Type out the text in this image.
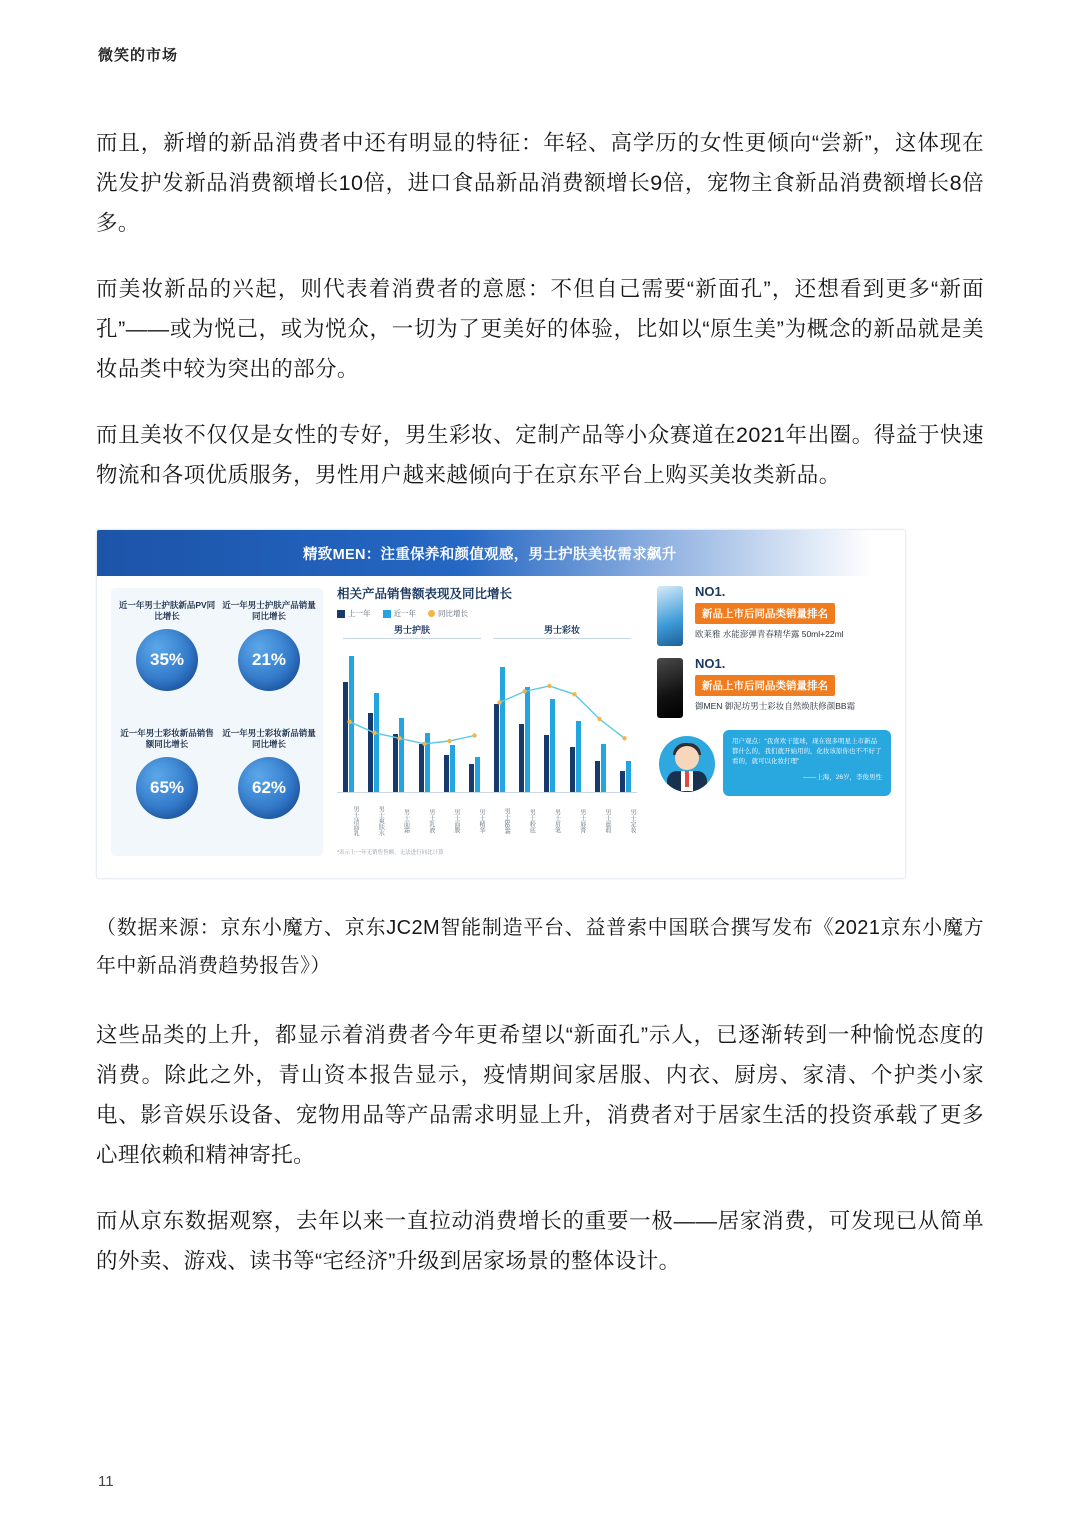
微笑的市场
而且，新增的新品消费者中还有明显的特征：年轻、高学历的女性更倾向“尝新”，这体现在洗发护发新品消费额增长10倍，进口食品新品消费额增长9倍，宠物主食新品消费额增长8倍多。
而美妆新品的兴起，则代表着消费者的意愿：不但自己需要“新面孔”，还想看到更多“新面孔”——或为悦己，或为悦众，一切为了更美好的体验，比如以“原生美”为概念的新品就是美妆品类中较为突出的部分。
而且美妆不仅仅是女性的专好，男生彩妆、定制产品等小众赛道在2021年出圈。得益于快速物流和各项优质服务，男性用户越来越倾向于在京东平台上购买美妆类新品。
精致MEN：注重保养和颜值观感，男士护肤美妆需求飙升
近一年男士护肤新品PV同比增长
35%
近一年男士护肤产品销量同比增长
21%
近一年男士彩妆新品销售额同比增长
65%
近一年男士彩妆新品销量同比增长
62%
相关产品销售额表现及同比增长
上一年	近一年	同比增长
男士护肤	男士彩妆
男士洁面乳	男士爽肤水	男士面霜	男士乳液	男士面膜	男士精华	男士BB霜	男士粉底	男士眉笔	男士唇膏	男士遮瑕	男士定妆
*表示上一年无销售售额，无法进行同比计算
NO1.
新品上市后同品类销量排名
欧莱雅 水能澎弹青春精华露 50ml+22ml
NO1.
新品上市后同品类销量排名
御MEN 御泥坊男士彩妆自然焕肤修颜BB霜
用户观点：“我喜欢干篮球，现在很多明星上市新品都什么的，我们就开始用的，化妆该原你也不不好了看的，就可以化妆打理”
——上海，26岁，李俊男性
（数据来源：京东小魔方、京东JC2M智能制造平台、益普索中国联合撰写发布《2021京东小魔方年中新品消费趋势报告》）
这些品类的上升，都显示着消费者今年更希望以“新面孔”示人，已逐渐转到一种愉悦态度的消费。除此之外，青山资本报告显示，疫情期间家居服、内衣、厨房、家清、个护类小家电、影音娱乐设备、宠物用品等产品需求明显上升，消费者对于居家生活的投资承载了更多心理依赖和精神寄托。
而从京东数据观察，去年以来一直拉动消费增长的重要一极——居家消费，可发现已从简单的外卖、游戏、读书等“宅经济”升级到居家场景的整体设计。
11
